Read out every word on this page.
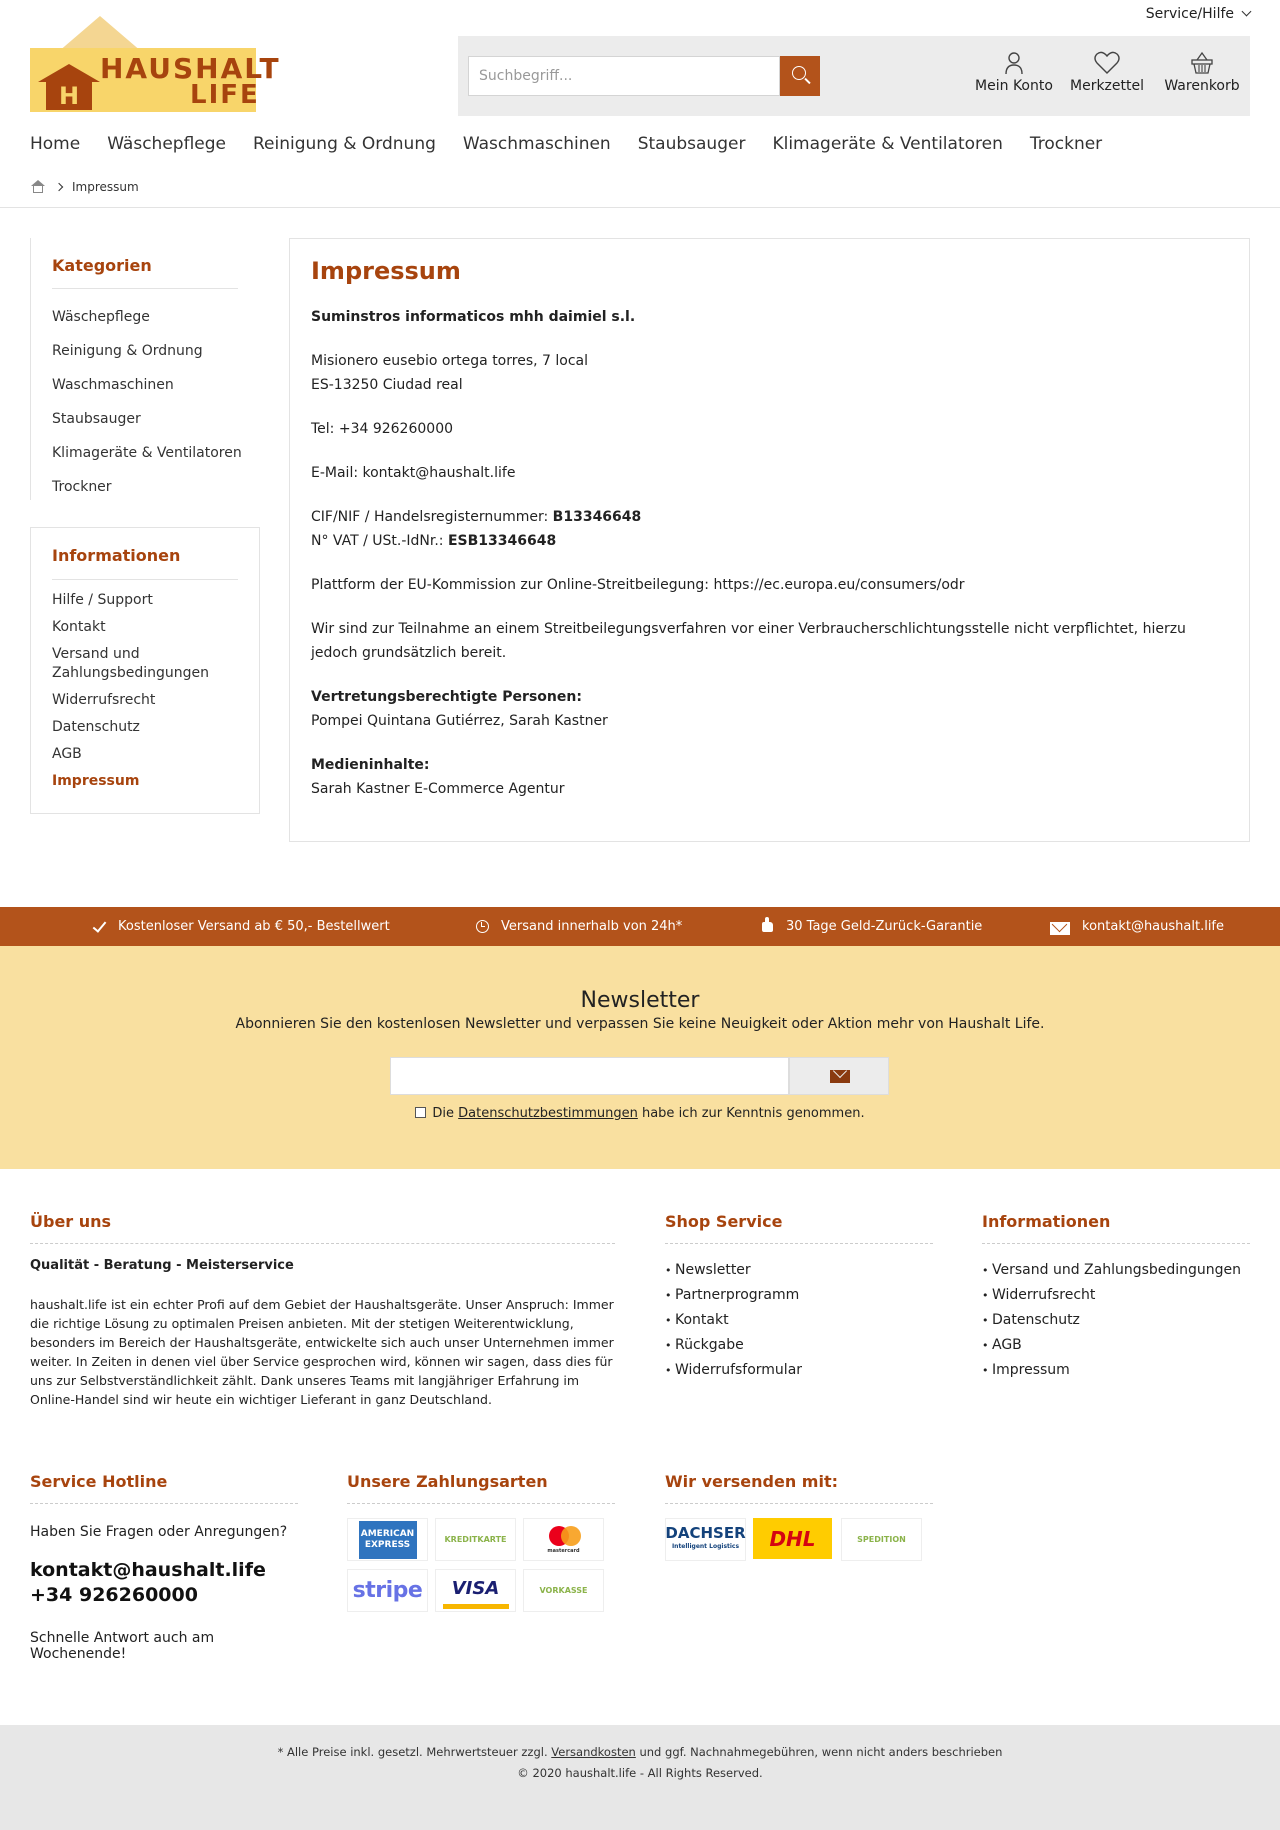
Service/Hilfe
H
HAUSHALT
LIFE
Suchbegriff...	Mein Konto	Merkzettel	Warenkorb
Home Wäschepflege Reinigung & Ordnung Waschmaschinen Staubsauger Klimageräte & Ventilatoren Trockner
Impressum
Kategorien
Wäschepflege
Reinigung & Ordnung
Waschmaschinen
Staubsauger
Klimageräte & Ventilatoren
Trockner
Informationen
Hilfe / Support
Kontakt
Versand und Zahlungsbedingungen
Widerrufsrecht
Datenschutz
AGB
Impressum
Impressum

Suminstros informaticos mhh daimiel s.l.

Misionero eusebio ortega torres, 7 local
ES-13250 Ciudad real

Tel: +34 926260000

E-Mail: kontakt@haushalt.life

CIF/NIF / Handelsregisternummer: B13346648
N° VAT / USt.-IdNr.: ESB13346648

Plattform der EU-Kommission zur Online-Streitbeilegung: https://ec.europa.eu/consumers/odr

Wir sind zur Teilnahme an einem Streitbeilegungsverfahren vor einer Verbraucherschlichtungsstelle nicht verpflichtet, hierzu jedoch grundsätzlich bereit.

Vertretungsberechtigte Personen:
Pompei Quintana Gutiérrez, Sarah Kastner

Medieninhalte:
Sarah Kastner E-Commerce Agentur

Kostenloser Versand ab € 50,- Bestellwert	Versand innerhalb von 24h*	30 Tage Geld-Zurück-Garantie	kontakt@haushalt.life
Newsletter
Abonnieren Sie den kostenlosen Newsletter und verpassen Sie keine Neuigkeit oder Aktion mehr von Haushalt Life.
Die Datenschutzbestimmungen habe ich zur Kenntnis genommen.
Über uns
Qualität - Beratung - Meisterservice
haushalt.life ist ein echter Profi auf dem Gebiet der Haushaltsgeräte. Unser Anspruch: Immer die richtige Lösung zu optimalen Preisen anbieten. Mit der stetigen Weiterentwicklung, besonders im Bereich der Haushaltsgeräte, entwickelte sich auch unser Unternehmen immer weiter. In Zeiten in denen viel über Service gesprochen wird, können wir sagen, dass dies für uns zur Selbstverständlichkeit zählt. Dank unseres Teams mit langjähriger Erfahrung im Online-Handel sind wir heute ein wichtiger Lieferant in ganz Deutschland.
Shop Service
• Newsletter
• Partnerprogramm
• Kontakt
• Rückgabe
• Widerrufsformular
Informationen
• Versand und Zahlungsbedingungen
• Widerrufsrecht
• Datenschutz
• AGB
• Impressum
Service Hotline
Haben Sie Fragen oder Anregungen?
kontakt@haushalt.life
+34 926260000
Schnelle Antwort auch am Wochenende!
Unsere Zahlungsarten
AMERICAN EXPRESS	KREDITKARTE
mastercard
stripe	VISA	VORKASSE
Wir versenden mit:
DACHSER
Intelligent Logistics	DHL	SPEDITION
* Alle Preise inkl. gesetzl. Mehrwertsteuer zzgl. Versandkosten und ggf. Nachnahmegebühren, wenn nicht anders beschrieben
© 2020 haushalt.life - All Rights Reserved.
